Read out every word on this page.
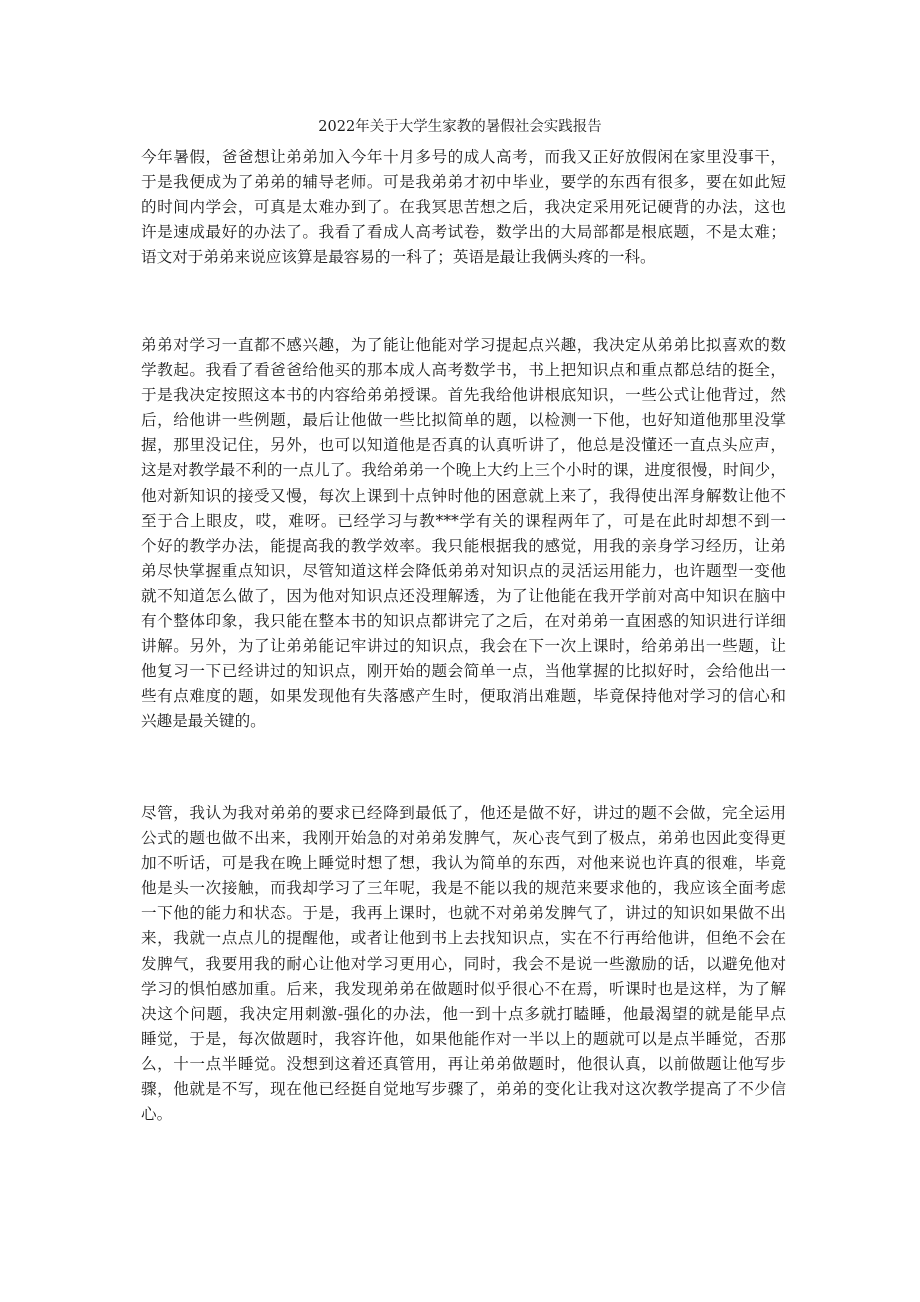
2022年关于大学生家教的暑假社会实践报告
今年暑假，爸爸想让弟弟加入今年十月多号的成人高考，而我又正好放假闲在家里没事干，
于是我便成为了弟弟的辅导老师。可是我弟弟才初中毕业，要学的东西有很多，要在如此短
的时间内学会，可真是太难办到了。在我冥思苦想之后，我决定采用死记硬背的办法，这也
许是速成最好的办法了。我看了看成人高考试卷，数学出的大局部都是根底题，不是太难；
语文对于弟弟来说应该算是最容易的一科了；英语是最让我俩头疼的一科。
弟弟对学习一直都不感兴趣，为了能让他能对学习提起点兴趣，我决定从弟弟比拟喜欢的数
学教起。我看了看爸爸给他买的那本成人高考数学书，书上把知识点和重点都总结的挺全，
于是我决定按照这本书的内容给弟弟授课。首先我给他讲根底知识，一些公式让他背过，然
后，给他讲一些例题，最后让他做一些比拟简单的题，以检测一下他，也好知道他那里没掌
握，那里没记住，另外，也可以知道他是否真的认真听讲了，他总是没懂还一直点头应声，
这是对教学最不利的一点儿了。我给弟弟一个晚上大约上三个小时的课，进度很慢，时间少，
他对新知识的接受又慢，每次上课到十点钟时他的困意就上来了，我得使出浑身解数让他不
至于合上眼皮，哎，难呀。已经学习与教***学有关的课程两年了，可是在此时却想不到一
个好的教学办法，能提高我的教学效率。我只能根据我的感觉，用我的亲身学习经历，让弟
弟尽快掌握重点知识，尽管知道这样会降低弟弟对知识点的灵活运用能力，也许题型一变他
就不知道怎么做了，因为他对知识点还没理解透，为了让他能在我开学前对高中知识在脑中
有个整体印象，我只能在整本书的知识点都讲完了之后，在对弟弟一直困惑的知识进行详细
讲解。另外，为了让弟弟能记牢讲过的知识点，我会在下一次上课时，给弟弟出一些题，让
他复习一下已经讲过的知识点，刚开始的题会简单一点，当他掌握的比拟好时，会给他出一
些有点难度的题，如果发现他有失落感产生时，便取消出难题，毕竟保持他对学习的信心和
兴趣是最关键的。
尽管，我认为我对弟弟的要求已经降到最低了，他还是做不好，讲过的题不会做，完全运用
公式的题也做不出来，我刚开始急的对弟弟发脾气，灰心丧气到了极点，弟弟也因此变得更
加不听话，可是我在晚上睡觉时想了想，我认为简单的东西，对他来说也许真的很难，毕竟
他是头一次接触，而我却学习了三年呢，我是不能以我的规范来要求他的，我应该全面考虑
一下他的能力和状态。于是，我再上课时，也就不对弟弟发脾气了，讲过的知识如果做不出
来，我就一点点儿的提醒他，或者让他到书上去找知识点，实在不行再给他讲，但绝不会在
发脾气，我要用我的耐心让他对学习更用心，同时，我会不是说一些激励的话，以避免他对
学习的惧怕感加重。后来，我发现弟弟在做题时似乎很心不在焉，听课时也是这样，为了解
决这个问题，我决定用刺激-强化的办法，他一到十点多就打瞌睡，他最渴望的就是能早点
睡觉，于是，每次做题时，我容许他，如果他能作对一半以上的题就可以是点半睡觉，否那
么，十一点半睡觉。没想到这着还真管用，再让弟弟做题时，他很认真，以前做题让他写步
骤，他就是不写，现在他已经挺自觉地写步骤了，弟弟的变化让我对这次教学提高了不少信
心。
